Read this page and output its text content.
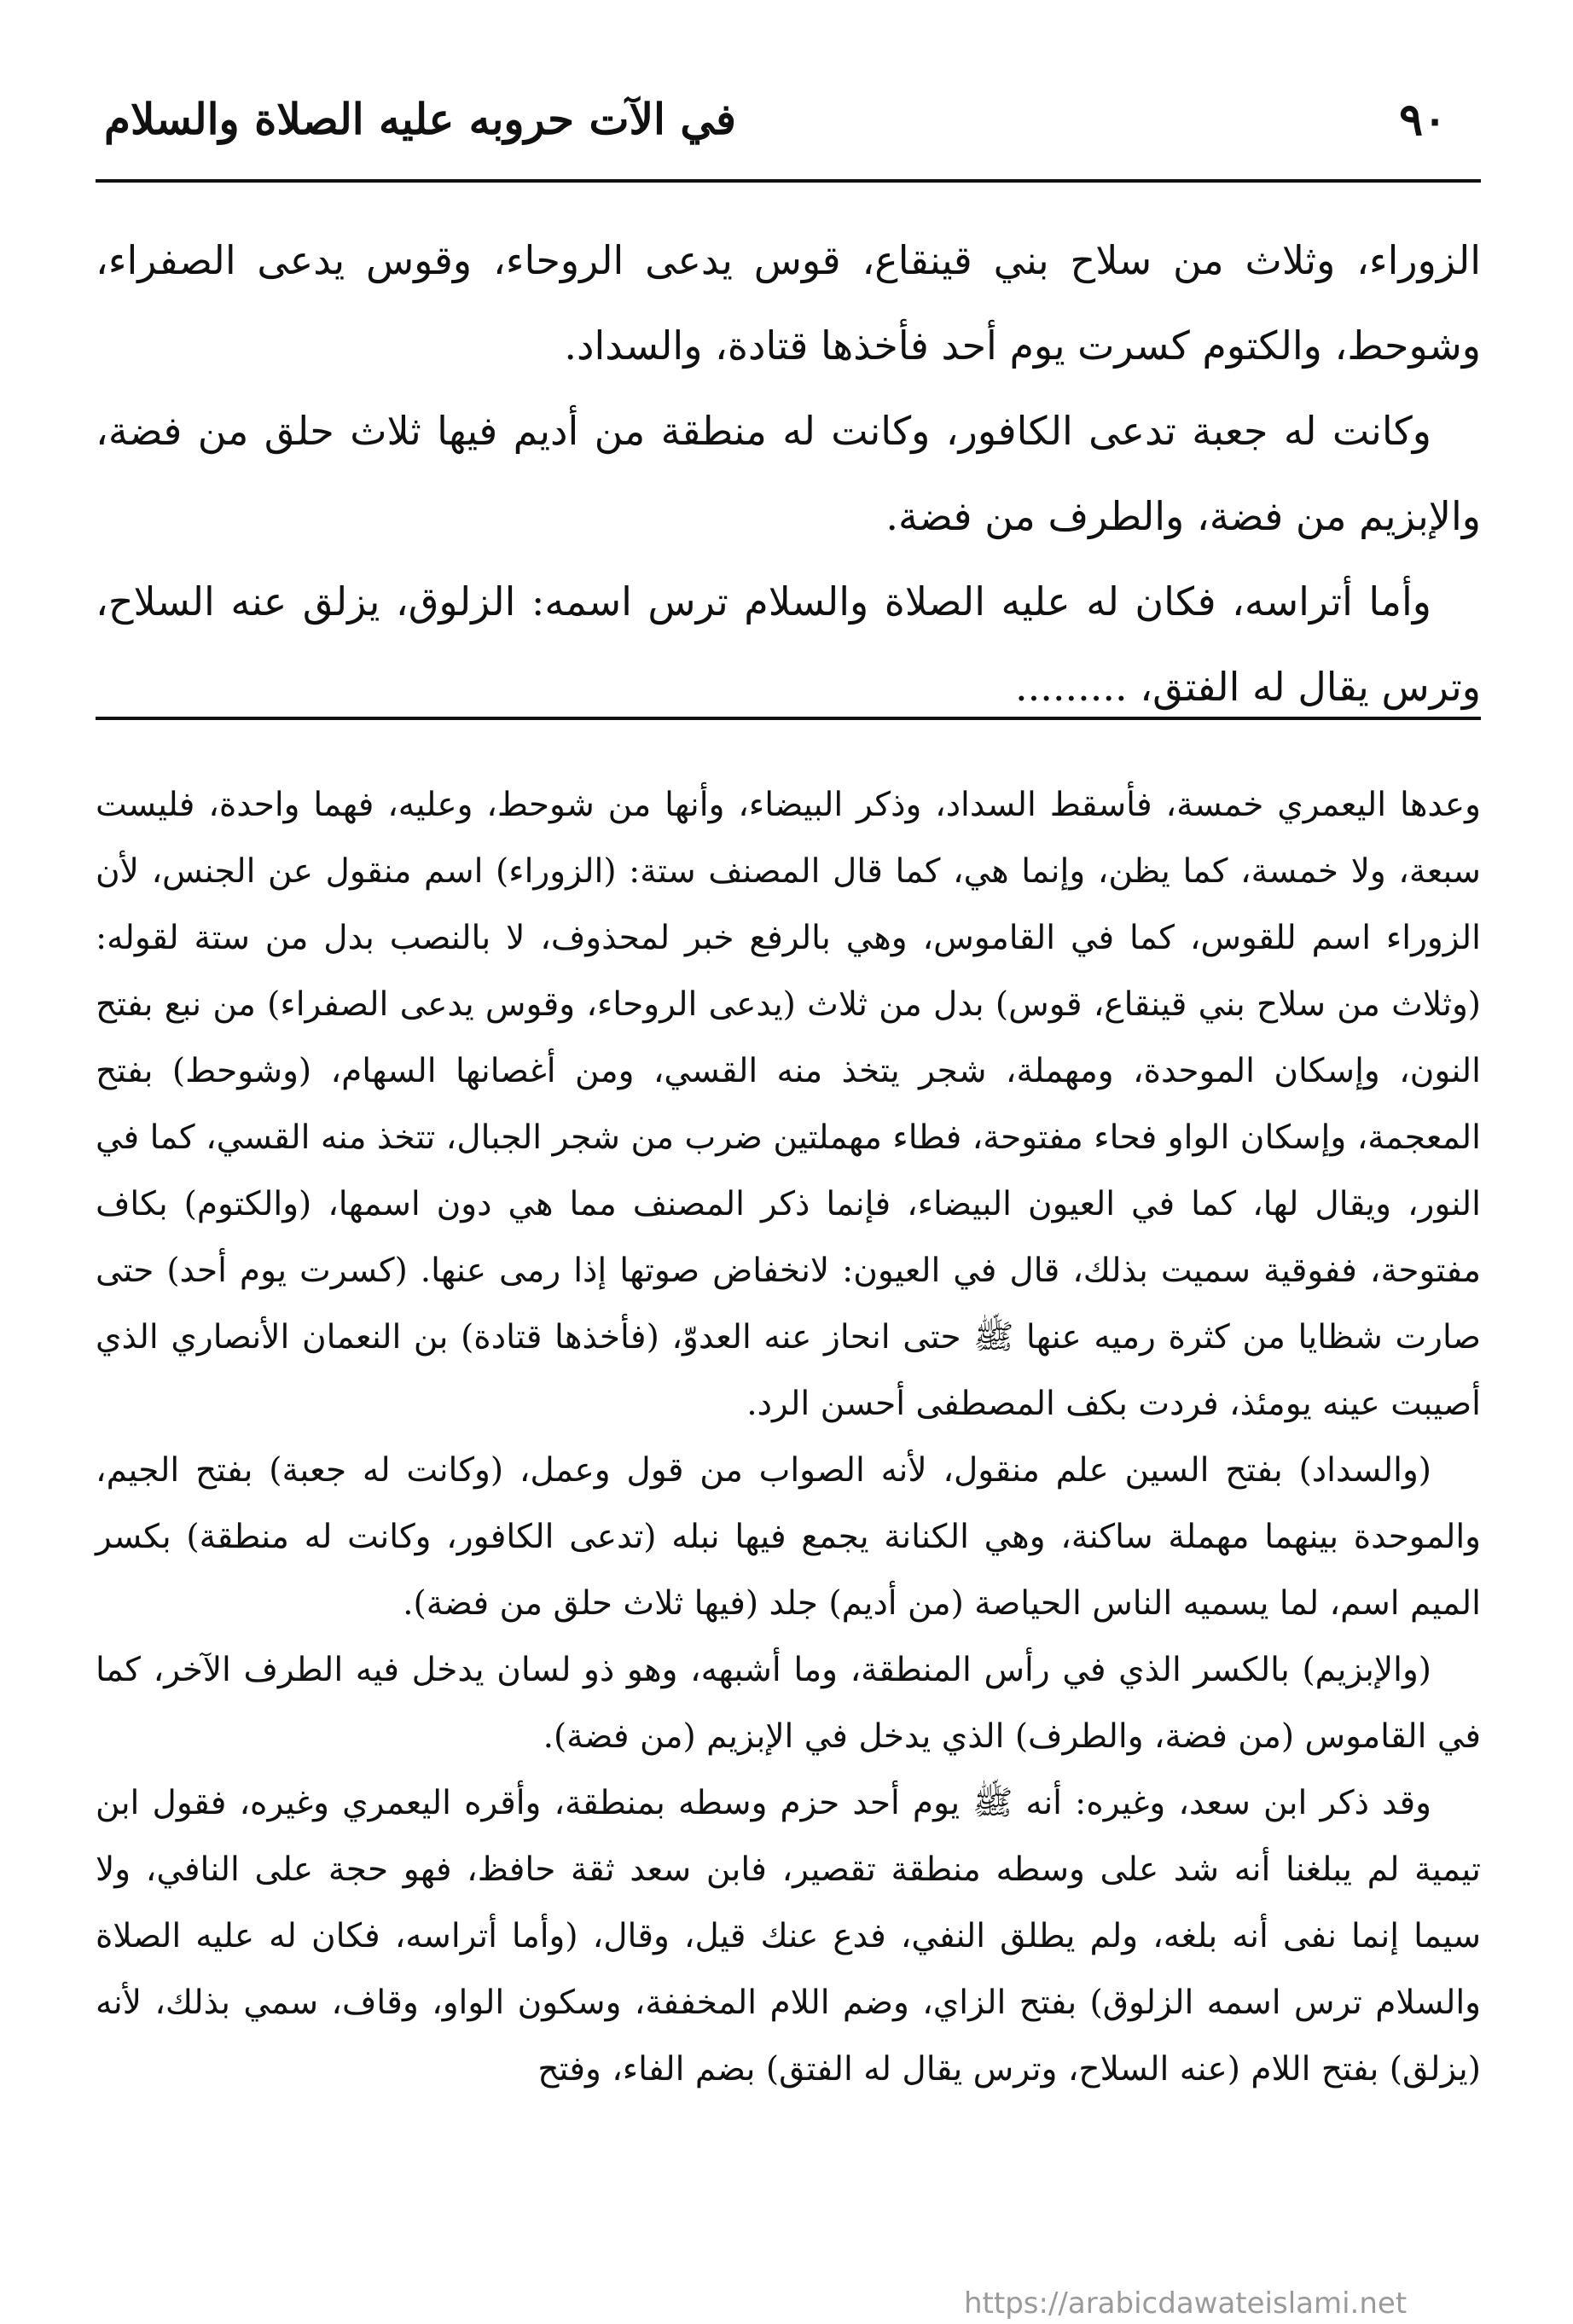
٩٠
في الآت حروبه عليه الصلاة والسلام

الزوراء، وثلاث من سلاح بني قينقاع، قوس يدعى الروحاء، وقوس يدعى الصفراء، وشوحط، والكتوم كسرت يوم أحد فأخذها قتادة، والسداد.

وكانت له جعبة تدعى الكافور، وكانت له منطقة من أديم فيها ثلاث حلق من فضة، والإبزيم من فضة، والطرف من فضة.

وأما أتراسه، فكان له عليه الصلاة والسلام ترس اسمه: الزلوق، يزلق عنه السلاح، وترس يقال له الفتق، .........

وعدها اليعمري خمسة، فأسقط السداد، وذكر البيضاء، وأنها من شوحط، وعليه، فهما واحدة، فليست سبعة، ولا خمسة، كما يظن، وإنما هي، كما قال المصنف ستة: (الزوراء) اسم منقول عن الجنس، لأن الزوراء اسم للقوس، كما في القاموس، وهي بالرفع خبر لمحذوف، لا بالنصب بدل من ستة لقوله: (وثلاث من سلاح بني قينقاع، قوس) بدل من ثلاث (يدعى الروحاء، وقوس يدعى الصفراء) من نبع بفتح النون، وإسكان الموحدة، ومهملة، شجر يتخذ منه القسي، ومن أغصانها السهام، (وشوحط) بفتح المعجمة، وإسكان الواو فحاء مفتوحة، فطاء مهملتين ضرب من شجر الجبال، تتخذ منه القسي، كما في النور، ويقال لها، كما في العيون البيضاء، فإنما ذكر المصنف مما هي دون اسمها، (والكتوم) بكاف مفتوحة، ففوقية سميت بذلك، قال في العيون: لانخفاض صوتها إذا رمى عنها. (كسرت يوم أحد) حتى صارت شظايا من كثرة رميه عنها ﷺ حتى انحاز عنه العدوّ، (فأخذها قتادة) بن النعمان الأنصاري الذي أصيبت عينه يومئذ، فردت بكف المصطفى أحسن الرد.

(والسداد) بفتح السين علم منقول، لأنه الصواب من قول وعمل، (وكانت له جعبة) بفتح الجيم، والموحدة بينهما مهملة ساكنة، وهي الكنانة يجمع فيها نبله (تدعى الكافور، وكانت له منطقة) بكسر الميم اسم، لما يسميه الناس الحياصة (من أديم) جلد (فيها ثلاث حلق من فضة).

(والإبزيم) بالكسر الذي في رأس المنطقة، وما أشبهه، وهو ذو لسان يدخل فيه الطرف الآخر، كما في القاموس (من فضة، والطرف) الذي يدخل في الإبزيم (من فضة).

وقد ذكر ابن سعد، وغيره: أنه ﷺ يوم أحد حزم وسطه بمنطقة، وأقره اليعمري وغيره، فقول ابن تيمية لم يبلغنا أنه شد على وسطه منطقة تقصير، فابن سعد ثقة حافظ، فهو حجة على النافي، ولا سيما إنما نفى أنه بلغه، ولم يطلق النفي، فدع عنك قيل، وقال، (وأما أتراسه، فكان له عليه الصلاة والسلام ترس اسمه الزلوق) بفتح الزاي، وضم اللام المخففة، وسكون الواو، وقاف، سمي بذلك، لأنه (يزلق) بفتح اللام (عنه السلاح، وترس يقال له الفتق) بضم الفاء، وفتح

https://arabicdawateislami.net
